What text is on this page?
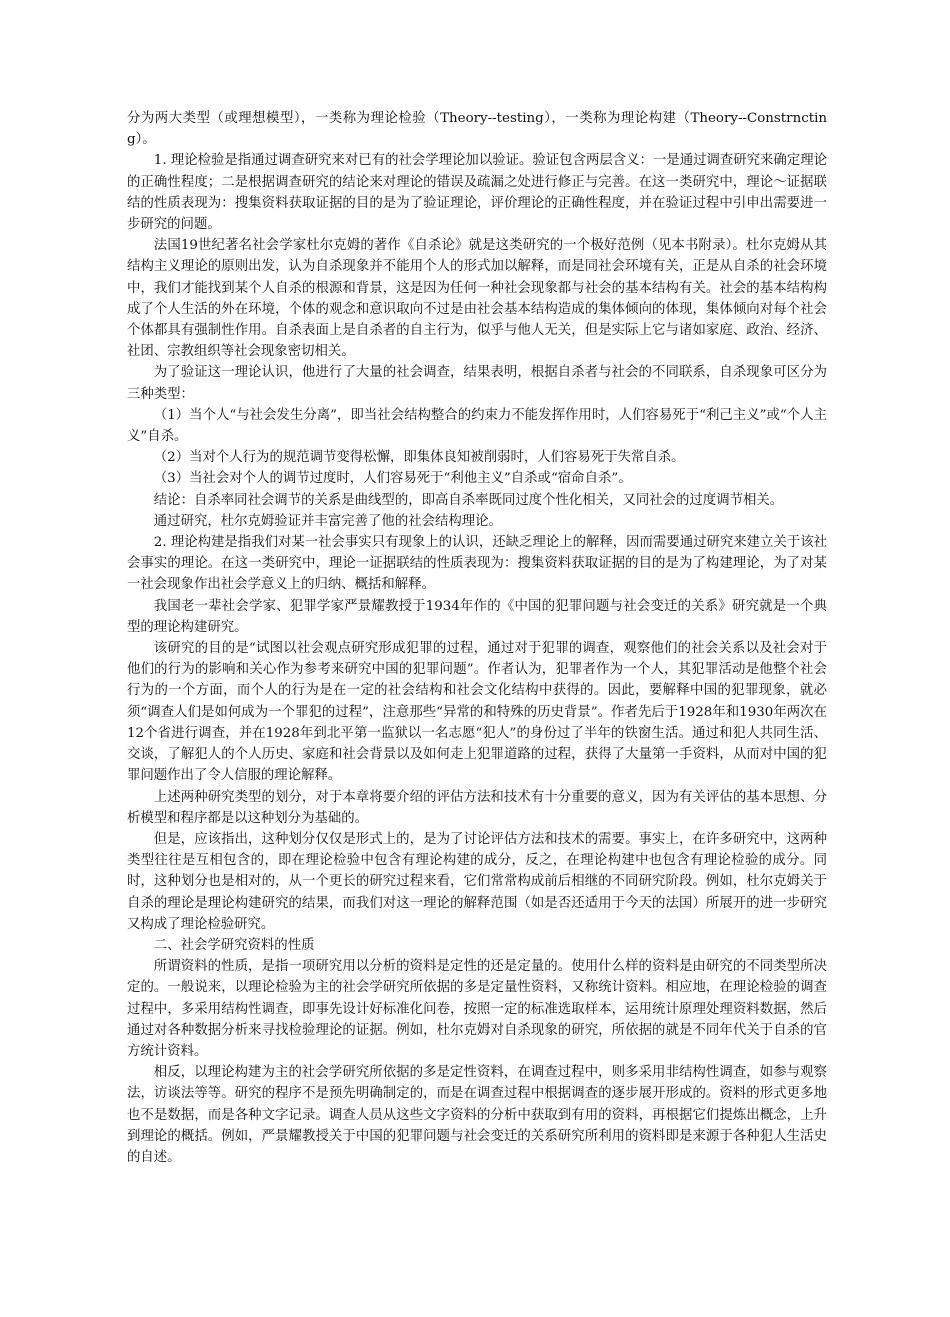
分为两大类型（或理想模型），一类称为理论检验（Theory--testing），一类称为理论构建（Theory--Constrncting）。

1. 理论检验是指通过调查研究来对已有的社会学理论加以验证。验证包含两层含义：一是通过调查研究来确定理论的正确性程度；二是根据调查研究的结论来对理论的错误及疏漏之处进行修正与完善。在这一类研究中，理论～证据联结的性质表现为：搜集资料获取证据的目的是为了验证理论，评价理论的正确性程度，并在验证过程中引申出需要进一步研究的问题。

法国19世纪著名社会学家杜尔克姆的著作《自杀论》就是这类研究的一个极好范例（见本书附录）。杜尔克姆从其结构主义理论的原则出发，认为自杀现象并不能用个人的形式加以解释，而是同社会环境有关，正是从自杀的社会环境中，我们才能找到某个人自杀的根源和背景，这是因为任何一种社会现象都与社会的基本结构有关。社会的基本结构构成了个人生活的外在环境，个体的观念和意识取向不过是由社会基本结构造成的集体倾向的体现，集体倾向对每个社会个体都具有强制性作用。自杀表面上是自杀者的自主行为，似乎与他人无关，但是实际上它与诸如家庭、政治、经济、社团、宗教组织等社会现象密切相关。

为了验证这一理论认识，他进行了大量的社会调查，结果表明，根据自杀者与社会的不同联系，自杀现象可区分为三种类型：

（1）当个人“与社会发生分离”，即当社会结构整合的约束力不能发挥作用时，人们容易死于“利己主义”或“个人主义”自杀。

（2）当对个人行为的规范调节变得松懈，即集体良知被削弱时，人们容易死于失常自杀。

（3）当社会对个人的调节过度时，人们容易死于“利他主义”自杀或“宿命自杀”。

结论：自杀率同社会调节的关系是曲线型的，即高自杀率既同过度个性化相关，又同社会的过度调节相关。

通过研究，杜尔克姆验证并丰富完善了他的社会结构理论。

2. 理论构建是指我们对某一社会事实只有现象上的认识，还缺乏理论上的解释，因而需要通过研究来建立关于该社会事实的理论。在这一类研究中，理论一证据联结的性质表现为：搜集资料获取证据的目的是为了构建理论，为了对某一社会现象作出社会学意义上的归纳、概括和解释。

我国老一辈社会学家、犯罪学家严景耀教授于1934年作的《中国的犯罪问题与社会变迁的关系》研究就是一个典型的理论构建研究。

该研究的目的是“试图以社会观点研究形成犯罪的过程，通过对于犯罪的调查，观察他们的社会关系以及社会对于他们的行为的影响和关心作为参考来研究中国的犯罪问题”。作者认为，犯罪者作为一个人，其犯罪活动是他整个社会行为的一个方面，而个人的行为是在一定的社会结构和社会文化结构中获得的。因此，要解释中国的犯罪现象，就必须“调查人们是如何成为一个罪犯的过程”，注意那些“异常的和特殊的历史背景”。作者先后于1928年和1930年两次在12个省进行调查，并在1928年到北平第一监狱以一名志愿“犯人”的身份过了半年的铁窗生活。通过和犯人共同生活、交谈，了解犯人的个人历史、家庭和社会背景以及如何走上犯罪道路的过程，获得了大量第一手资料，从而对中国的犯罪问题作出了令人信服的理论解释。

上述两种研究类型的划分，对于本章将要介绍的评估方法和技术有十分重要的意义，因为有关评估的基本思想、分析模型和程序都是以这种划分为基础的。

但是，应该指出，这种划分仅仅是形式上的，是为了讨论评估方法和技术的需要。事实上，在许多研究中，这两种类型往往是互相包含的，即在理论检验中包含有理论构建的成分，反之，在理论构建中也包含有理论检验的成分。同时，这种划分也是相对的，从一个更长的研究过程来看，它们常常构成前后相继的不同研究阶段。例如，杜尔克姆关于自杀的理论是理论构建研究的结果，而我们对这一理论的解释范围（如是否还适用于今天的法国）所展开的进一步研究又构成了理论检验研究。

二、社会学研究资料的性质

所谓资料的性质，是指一项研究用以分析的资料是定性的还是定量的。使用什么样的资料是由研究的不同类型所决定的。一般说来，以理论检验为主的社会学研究所依据的多是定量性资料，又称统计资料。相应地，在理论检验的调查过程中，多采用结构性调查，即事先设计好标准化问卷，按照一定的标准选取样本，运用统计原理处理资料数据，然后通过对各种数据分析来寻找检验理论的证据。例如，杜尔克姆对自杀现象的研究，所依据的就是不同年代关于自杀的官方统计资料。

相反，以理论构建为主的社会学研究所依据的多是定性资料，在调查过程中，则多采用非结构性调查，如参与观察法，访谈法等等。研究的程序不是预先明确制定的，而是在调查过程中根据调查的逐步展开形成的。资料的形式更多地也不是数据，而是各种文字记录。调查人员从这些文字资料的分析中获取到有用的资料，再根据它们提炼出概念，上升到理论的概括。例如，严景耀教授关于中国的犯罪问题与社会变迁的关系研究所利用的资料即是来源于各种犯人生活史的自述。
